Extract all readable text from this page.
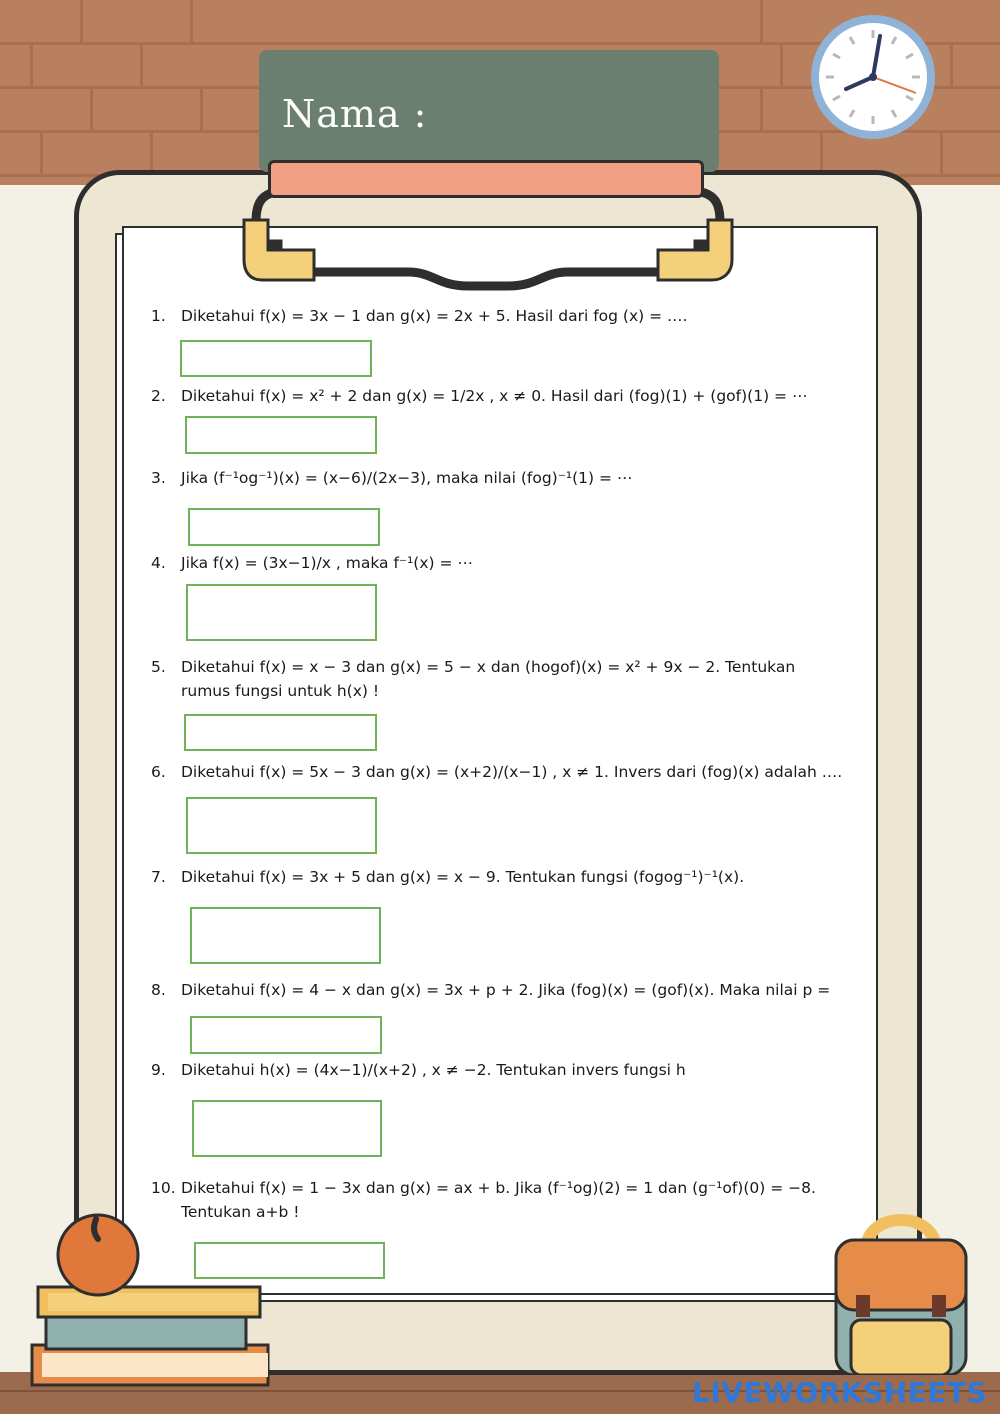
Nama :
1. Diketahui f(x) = 3x − 1 dan g(x) = 2x + 5. Hasil dari fog (x) = ….
2. Diketahui f(x) = x² + 2 dan g(x) = 1/2x , x ≠ 0. Hasil dari (fog)(1) + (gof)(1) = ⋯
3. Jika (f⁻¹og⁻¹)(x) = (x−6)/(2x−3), maka nilai (fog)⁻¹(1) = ⋯
4. Jika f(x) = (3x−1)/x , maka f⁻¹(x) = ⋯
5. Diketahui f(x) = x − 3 dan g(x) = 5 − x dan (hogof)(x) = x² + 9x − 2. Tentukan
rumus fungsi untuk h(x) !
6. Diketahui f(x) = 5x − 3 dan g(x) = (x+2)/(x−1) , x ≠ 1. Invers dari (fog)(x) adalah ….
7. Diketahui f(x) = 3x + 5 dan g(x) = x − 9. Tentukan fungsi (fogog⁻¹)⁻¹(x).
8. Diketahui f(x) = 4 − x dan g(x) = 3x + p + 2. Jika (fog)(x) = (gof)(x). Maka nilai p =
9. Diketahui h(x) = (4x−1)/(x+2) , x ≠ −2. Tentukan invers fungsi h
10. Diketahui f(x) = 1 − 3x dan g(x) = ax + b. Jika (f⁻¹og)(2) = 1 dan (g⁻¹of)(0) = −8.
Tentukan a+b !
LIVEWORKSHEETS
